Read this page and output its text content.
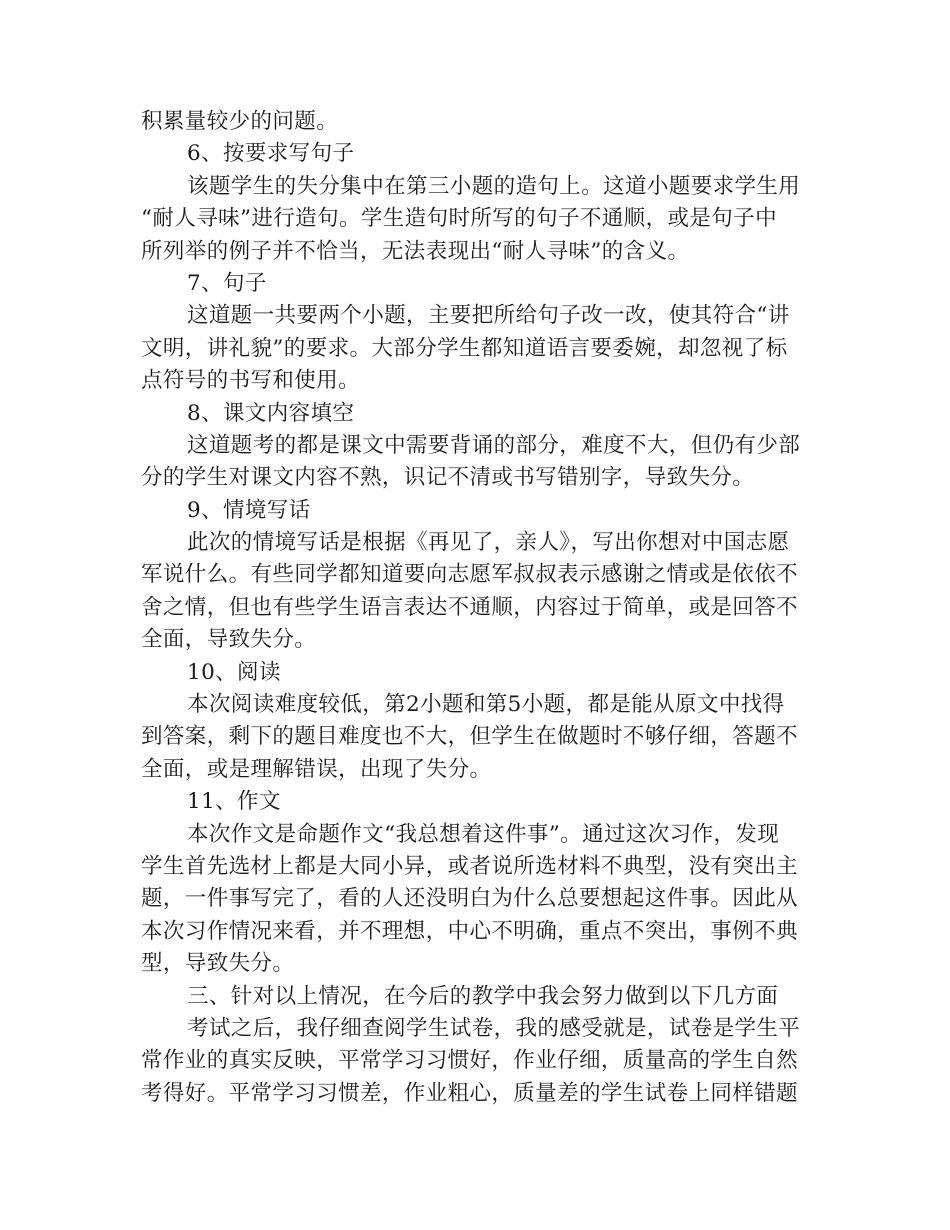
积累量较少的问题。
6、按要求写句子
该题学生的失分集中在第三小题的造句上。这道小题要求学生用
“耐人寻味”进行造句。学生造句时所写的句子不通顺，或是句子中
所列举的例子并不恰当，无法表现出“耐人寻味”的含义。
7、句子
这道题一共要两个小题，主要把所给句子改一改，使其符合“讲
文明，讲礼貌”的要求。大部分学生都知道语言要委婉，却忽视了标
点符号的书写和使用。
8、课文内容填空
这道题考的都是课文中需要背诵的部分，难度不大，但仍有少部
分的学生对课文内容不熟，识记不清或书写错别字，导致失分。
9、情境写话
此次的情境写话是根据《再见了，亲人》，写出你想对中国志愿
军说什么。有些同学都知道要向志愿军叔叔表示感谢之情或是依依不
舍之情，但也有些学生语言表达不通顺，内容过于简单，或是回答不
全面，导致失分。
10、阅读
本次阅读难度较低，第2小题和第5小题，都是能从原文中找得
到答案，剩下的题目难度也不大，但学生在做题时不够仔细，答题不
全面，或是理解错误，出现了失分。
11、作文
本次作文是命题作文“我总想着这件事”。通过这次习作，发现
学生首先选材上都是大同小异，或者说所选材料不典型，没有突出主
题，一件事写完了，看的人还没明白为什么总要想起这件事。因此从
本次习作情况来看，并不理想，中心不明确，重点不突出，事例不典
型，导致失分。
三、针对以上情况，在今后的教学中我会努力做到以下几方面
考试之后，我仔细查阅学生试卷，我的感受就是，试卷是学生平
常作业的真实反映，平常学习习惯好，作业仔细，质量高的学生自然
考得好。平常学习习惯差，作业粗心，质量差的学生试卷上同样错题
